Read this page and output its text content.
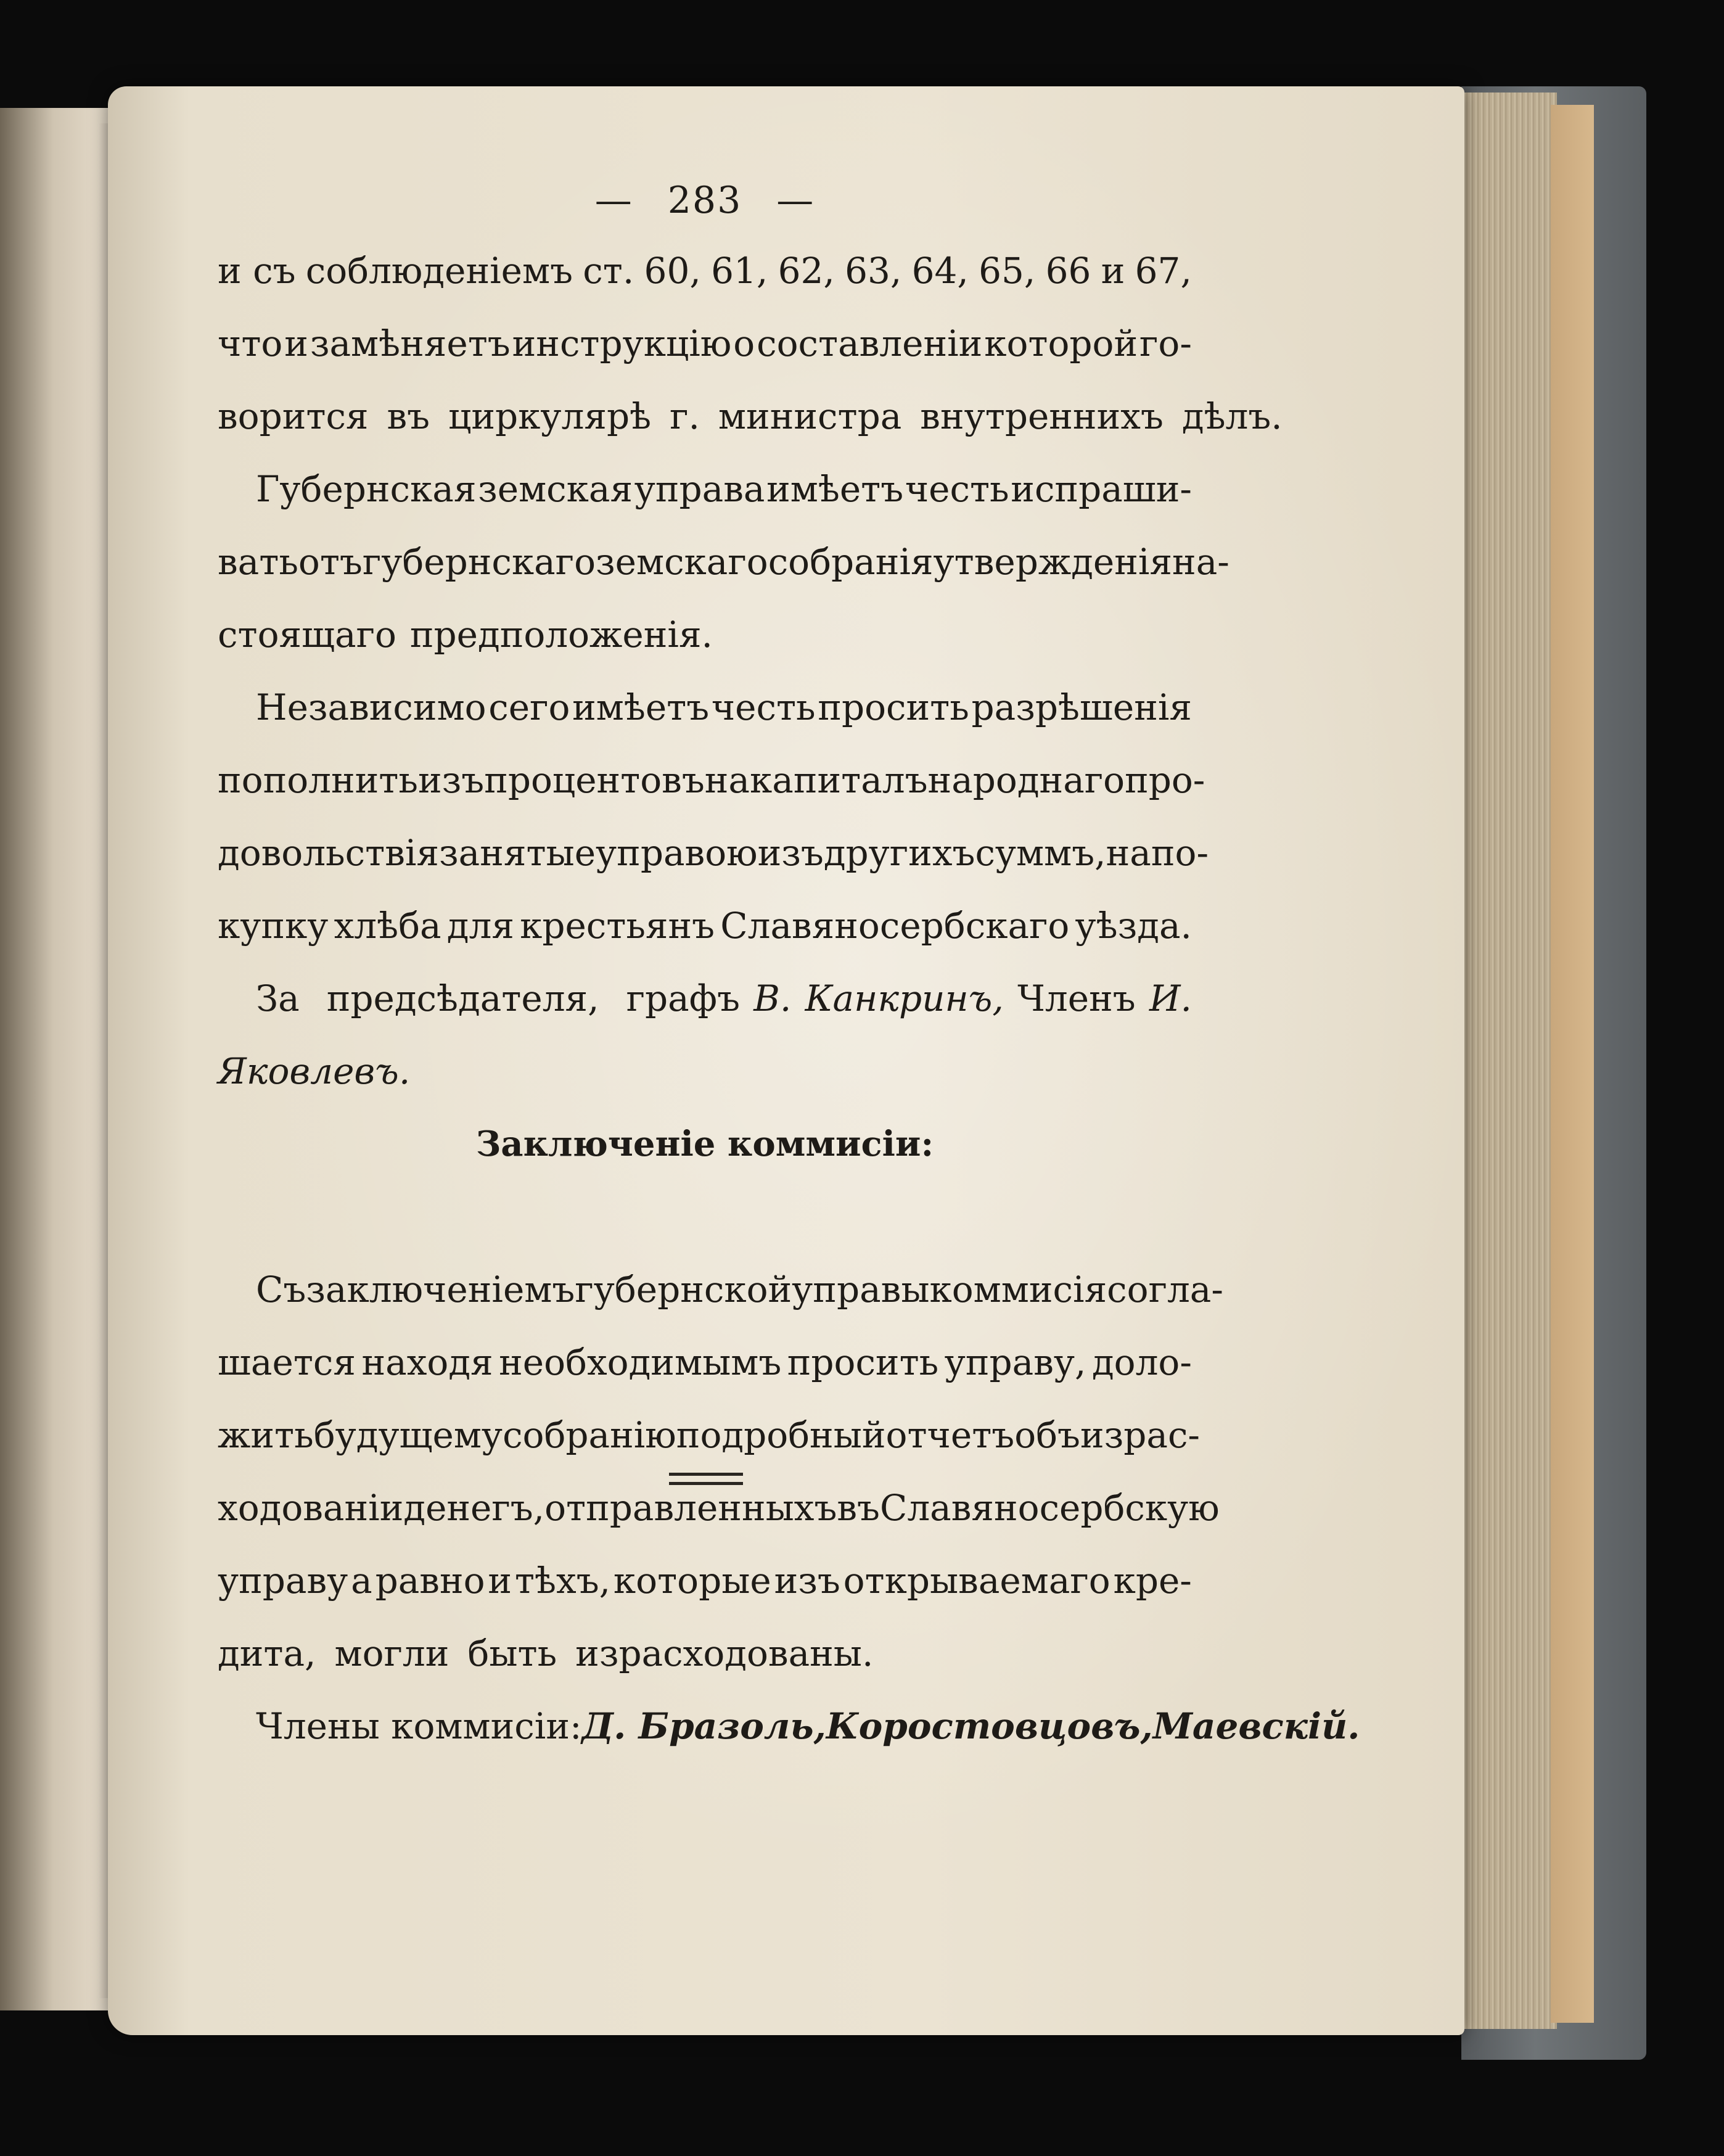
— 283 —
и съ соблюденіемъ ст. 60, 61, 62, 63, 64, 65, 66 и 67,
что и замѣняетъ инструкцію о составленіи которой го-
ворится въ циркулярѣ г. министра внутреннихъ дѣлъ.
Губернская земская управа имѣетъ честь испраши-
вать отъ губернскаго земскаго собранія утвержденія на-
стоящаго предположенія.
Независимо сего имѣетъ честь просить разрѣшенія
пополнить изъ процентовъ на капиталъ народнаго про-
довольствія занятые управою изъ другихъ суммъ, на по-
купку хлѣба для крестьянъ Славяносербскаго уѣзда.
За предсѣдателя, графъ В. Канкринъ, Членъ И.
Яковлевъ.
Заключеніе коммисіи:
Съ заключеніемъ губернской управы коммисія согла-
шается находя необходимымъ просить управу, доло-
жить будущему собранію подробный отчетъ объ израс-
ходованіи денегъ, отправленныхъ въ Славяносербскую
управу а равно и тѣхъ, которые изъ открываемаго кре-
дита, могли быть израсходованы.
Члены коммисіи: Д. Бразоль, Коростовцовъ, Маевскій.
